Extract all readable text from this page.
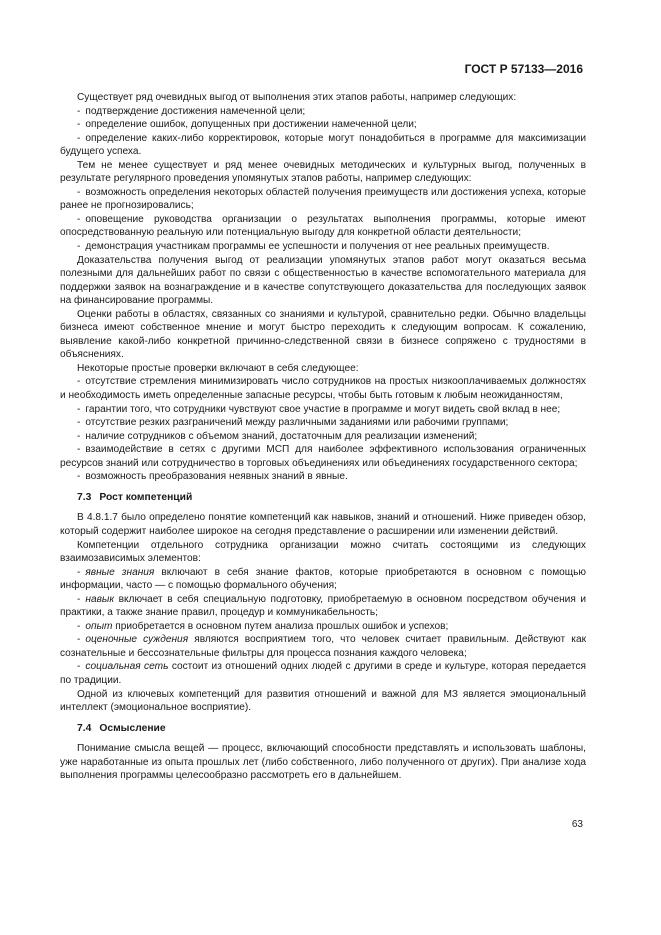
ГОСТ Р 57133—2016
Существует ряд очевидных выгод от выполнения этих этапов работы, например следующих:
- подтверждение достижения намеченной цели;
- определение ошибок, допущенных при достижении намеченной цели;
- определение каких-либо корректировок, которые могут понадобиться в программе для максимизации будущего успеха.
Тем не менее существует и ряд менее очевидных методических и культурных выгод, полученных в результате регулярного проведения упомянутых этапов работы, например следующих:
- возможность определения некоторых областей получения преимуществ или достижения успеха, которые ранее не прогнозировались;
- оповещение руководства организации о результатах выполнения программы, которые имеют опосредствованную реальную или потенциальную выгоду для конкретной области деятельности;
- демонстрация участникам программы ее успешности и получения от нее реальных преимуществ.
Доказательства получения выгод от реализации упомянутых этапов работ могут оказаться весьма полезными для дальнейших работ по связи с общественностью в качестве вспомогательного материала для поддержки заявок на вознаграждение и в качестве сопутствующего доказательства для последующих заявок на финансирование программы.
Оценки работы в областях, связанных со знаниями и культурой, сравнительно редки. Обычно владельцы бизнеса имеют собственное мнение и могут быстро переходить к следующим вопросам. К сожалению, выявление какой-либо конкретной причинно-следственной связи в бизнесе сопряжено с трудностями в объяснениях.
Некоторые простые проверки включают в себя следующее:
- отсутствие стремления минимизировать число сотрудников на простых низкооплачиваемых должностях и необходимость иметь определенные запасные ресурсы, чтобы быть готовым к любым неожиданностям,
- гарантии того, что сотрудники чувствуют свое участие в программе и могут видеть свой вклад в нее;
- отсутствие резких разграничений между различными заданиями или рабочими группами;
- наличие сотрудников с объемом знаний, достаточным для реализации изменений;
- взаимодействие в сетях с другими МСП для наиболее эффективного использования ограниченных ресурсов знаний или сотрудничество в торговых объединениях или объединениях государственного сектора;
- возможность преобразования неявных знаний в явные.
7.3 Рост компетенций
В 4.8.1.7 было определено понятие компетенций как навыков, знаний и отношений. Ниже приведен обзор, который содержит наиболее широкое на сегодня представление о расширении или изменении действий.
Компетенции отдельного сотрудника организации можно считать состоящими из следующих взаимозависимых элементов:
- явные знания включают в себя знание фактов, которые приобретаются в основном с помощью информации, часто — с помощью формального обучения;
- навык включает в себя специальную подготовку, приобретаемую в основном посредством обучения и практики, а также знание правил, процедур и коммуникабельность;
- опыт приобретается в основном путем анализа прошлых ошибок и успехов;
- оценочные суждения являются восприятием того, что человек считает правильным. Действуют как сознательные и бессознательные фильтры для процесса познания каждого человека;
- социальная сеть состоит из отношений одних людей с другими в среде и культуре, которая передается по традиции.
Одной из ключевых компетенций для развития отношений и важной для МЗ является эмоциональный интеллект (эмоциональное восприятие).
7.4 Осмысление
Понимание смысла вещей — процесс, включающий способности представлять и использовать шаблоны, уже наработанные из опыта прошлых лет (либо собственного, либо полученного от других). При анализе хода выполнения программы целесообразно рассмотреть его в дальнейшем.
63
